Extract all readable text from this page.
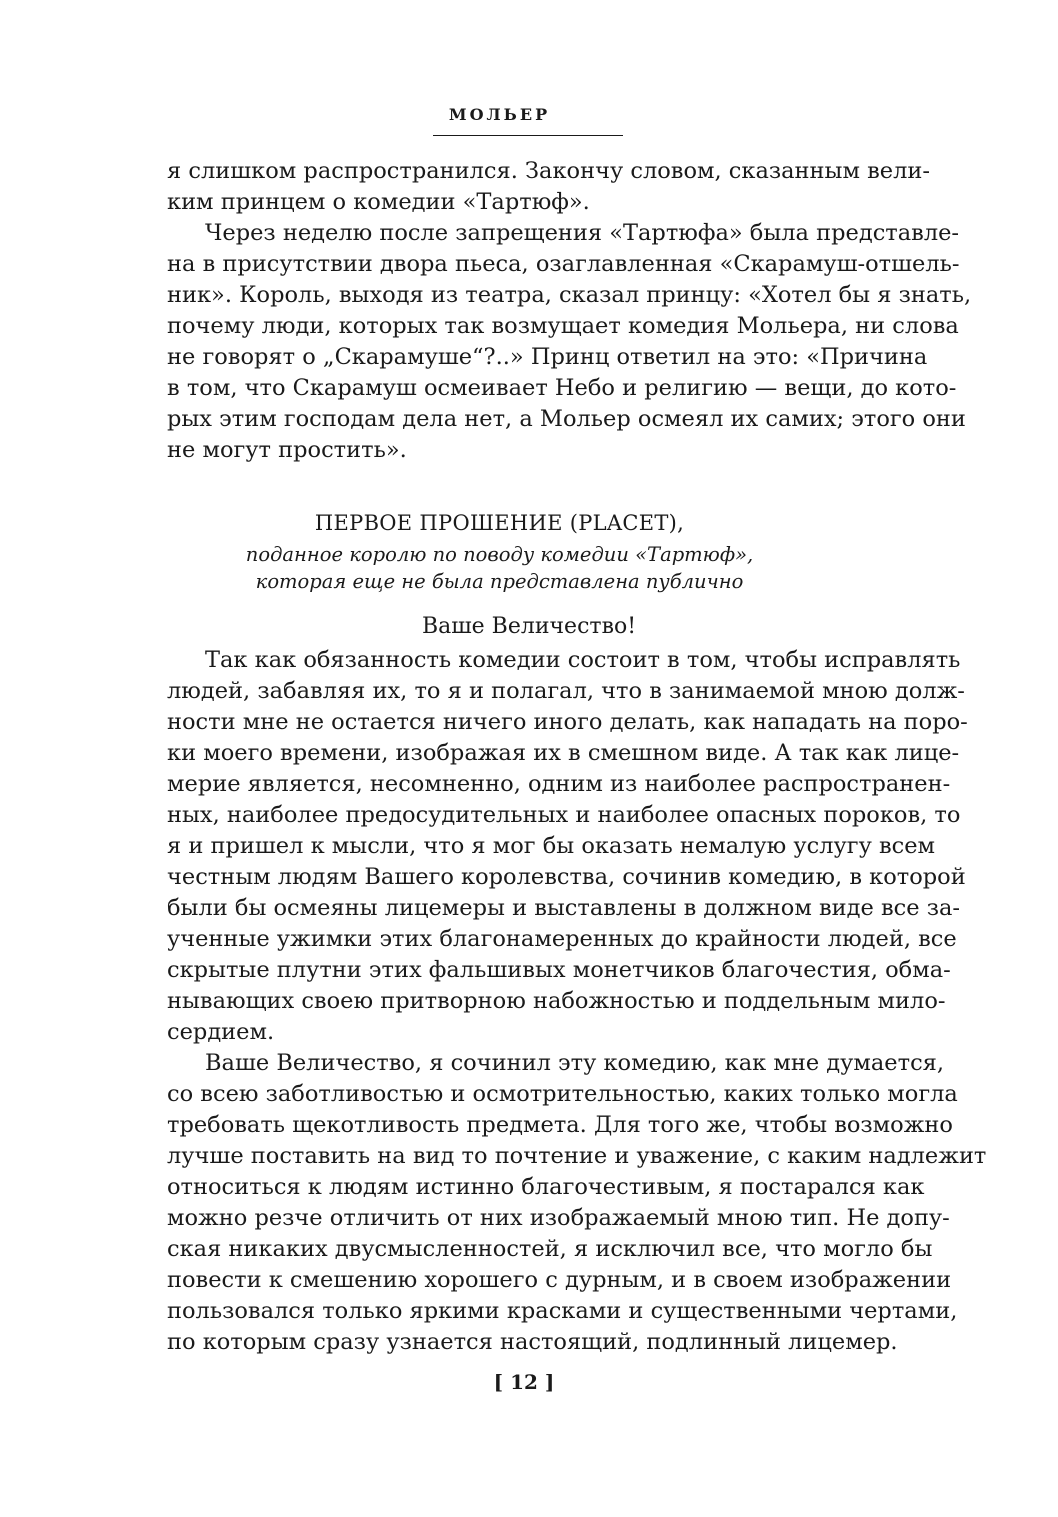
МОЛЬЕР
я слишком распространился. Закончу словом, сказанным вели-
ким принцем о комедии «Тартюф».
Через неделю после запрещения «Тартюфа» была представле-
на в присутствии двора пьеса, озаглавленная «Скарамуш-отшель-
ник». Король, выходя из театра, сказал принцу: «Хотел бы я знать,
почему люди, которых так возмущает комедия Мольера, ни слова
не говорят о „Скарамуше“?..» Принц ответил на это: «Причина
в том, что Скарамуш осмеивает Небо и религию — вещи, до кото-
рых этим господам дела нет, а Мольер осмеял их самих; этого они
не могут простить».
ПЕРВОЕ ПРОШЕНИЕ (PLACET),
поданное королю по поводу комедии «Тартюф»,
которая еще не была представлена публично
Ваше Величество!
Так как обязанность комедии состоит в том, чтобы исправлять
людей, забавляя их, то я и полагал, что в занимаемой мною долж-
ности мне не остается ничего иного делать, как нападать на поро-
ки моего времени, изображая их в смешном виде. А так как лице-
мерие является, несомненно, одним из наиболее распространен-
ных, наиболее предосудительных и наиболее опасных пороков, то
я и пришел к мысли, что я мог бы оказать немалую услугу всем
честным людям Вашего королевства, сочинив комедию, в которой
были бы осмеяны лицемеры и выставлены в должном виде все за-
ученные ужимки этих благонамеренных до крайности людей, все
скрытые плутни этих фальшивых монетчиков благочестия, обма-
нывающих своею притворною набожностью и поддельным мило-
сердием.
Ваше Величество, я сочинил эту комедию, как мне думается,
со всею заботливостью и осмотрительностью, каких только могла
требовать щекотливость предмета. Для того же, чтобы возможно
лучше поставить на вид то почтение и уважение, с каким надлежит
относиться к людям истинно благочестивым, я постарался как
можно резче отличить от них изображаемый мною тип. Не допу-
ская никаких двусмысленностей, я исключил все, что могло бы
повести к смешению хорошего с дурным, и в своем изображении
пользовался только яркими красками и существенными чертами,
по которым сразу узнается настоящий, подлинный лицемер.
[ 12 ]
